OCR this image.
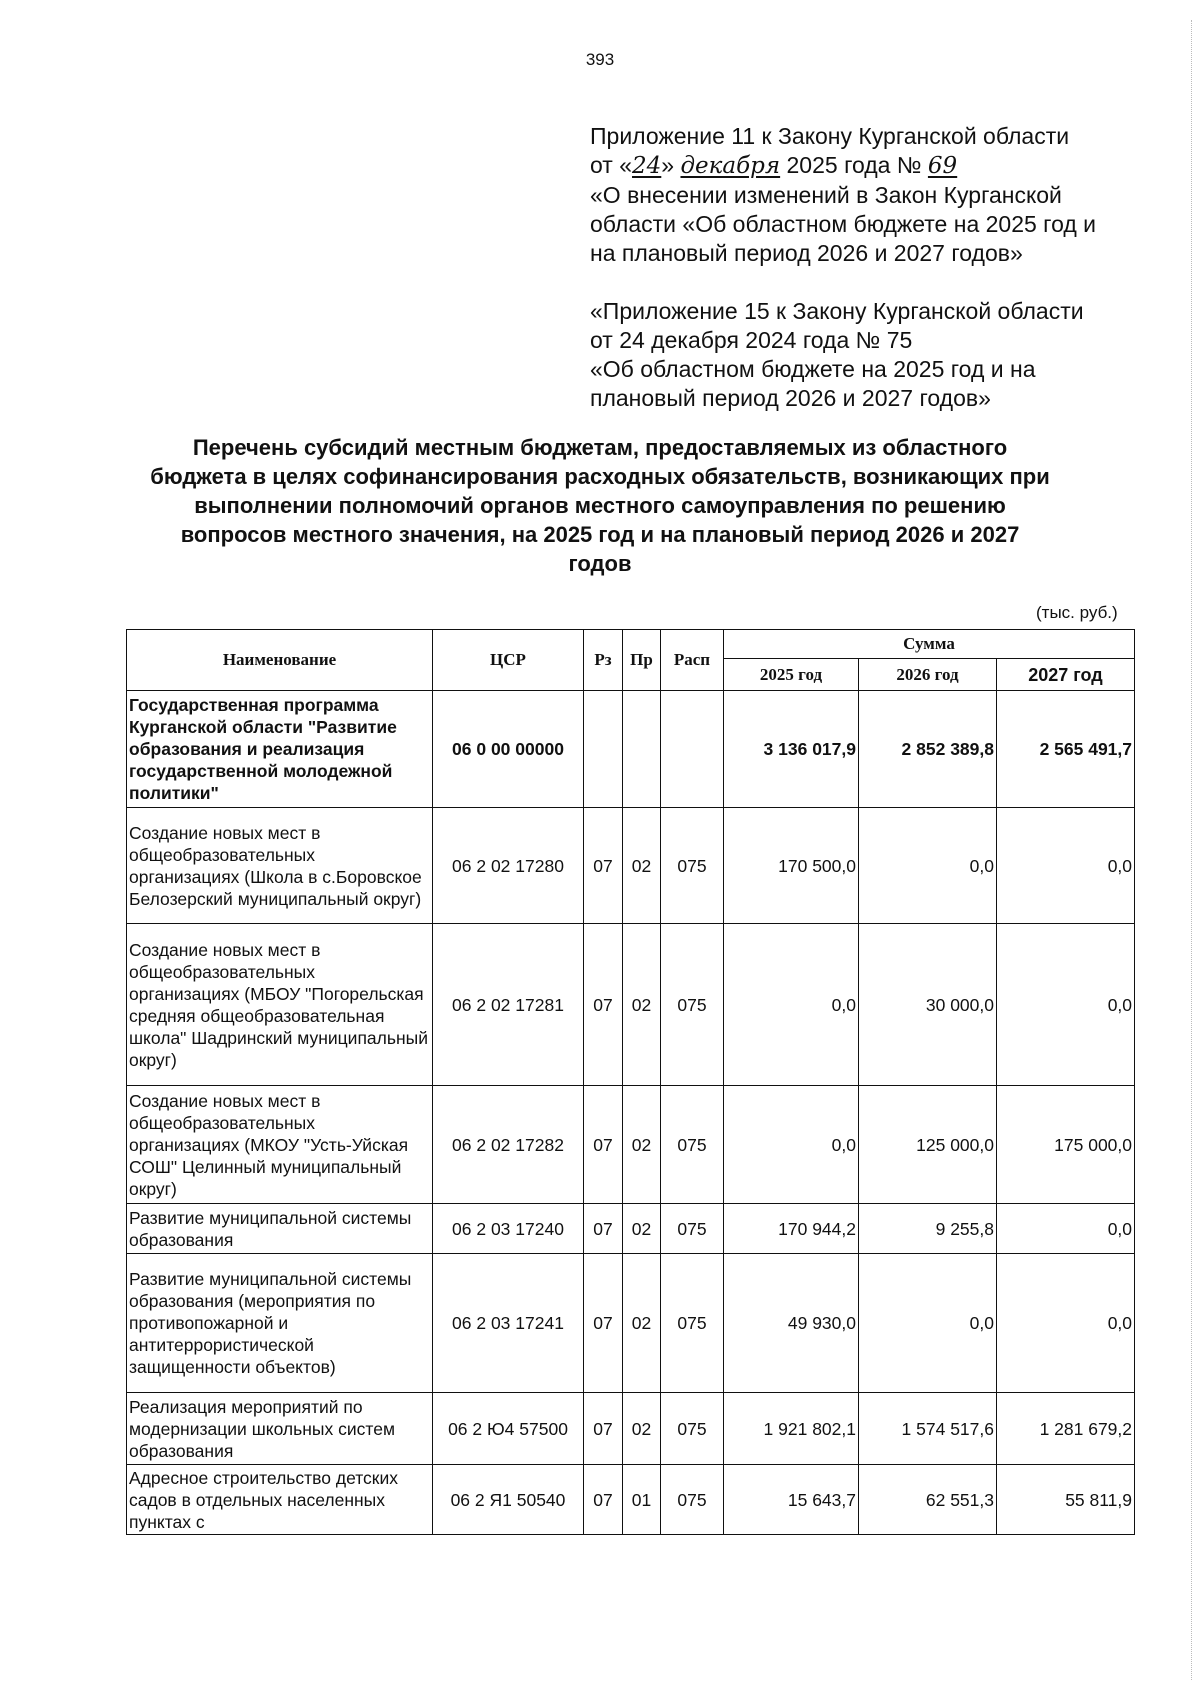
393
Приложение 11 к Закону Курганской области
от «24» декабря 2025 года № 69
«О внесении изменений в Закон Курганской
области «Об областном бюджете на 2025 год и
на плановый период 2026 и 2027 годов»
«Приложение 15 к Закону Курганской области
от 24 декабря 2024 года № 75
«Об областном бюджете на 2025 год и на
плановый период 2026 и 2027 годов»
Перечень субсидий местным бюджетам, предоставляемых из областного
бюджета в целях софинансирования расходных обязательств, возникающих при
выполнении полномочий органов местного самоуправления по решению
вопросов местного значения, на 2025 год и на плановый период 2026 и 2027
годов
(тыс. руб.)
Наименование	ЦСР	Рз	Пр	Расп	Сумма		
					2025 год	2026 год	2027 год
Государственная программа Курганской области "Развитие образования и реализация государственной молодежной политики"	06 0 00 00000				3 136 017,9	2 852 389,8	2 565 491,7
Создание новых мест в общеобразовательных организациях (Школа в с.Боровское Белозерский муниципальный округ)	06 2 02 17280	07	02	075	170 500,0	0,0	0,0
Создание новых мест в общеобразовательных организациях (МБОУ "Погорельская средняя общеобразовательная школа" Шадринский муниципальный округ)	06 2 02 17281	07	02	075	0,0	30 000,0	0,0
Создание новых мест в общеобразовательных организациях (МКОУ "Усть-Уйская СОШ" Целинный муниципальный округ)	06 2 02 17282	07	02	075	0,0	125 000,0	175 000,0
Развитие муниципальной системы образования	06 2 03 17240	07	02	075	170 944,2	9 255,8	0,0
Развитие муниципальной системы образования (мероприятия по противопожарной и антитеррористической защищенности объектов)	06 2 03 17241	07	02	075	49 930,0	0,0	0,0
Реализация мероприятий по модернизации школьных систем образования	06 2 Ю4 57500	07	02	075	1 921 802,1	1 574 517,6	1 281 679,2
Адресное строительство детских садов в отдельных населенных пунктах с	06 2 Я1 50540	07	01	075	15 643,7	62 551,3	55 811,9
